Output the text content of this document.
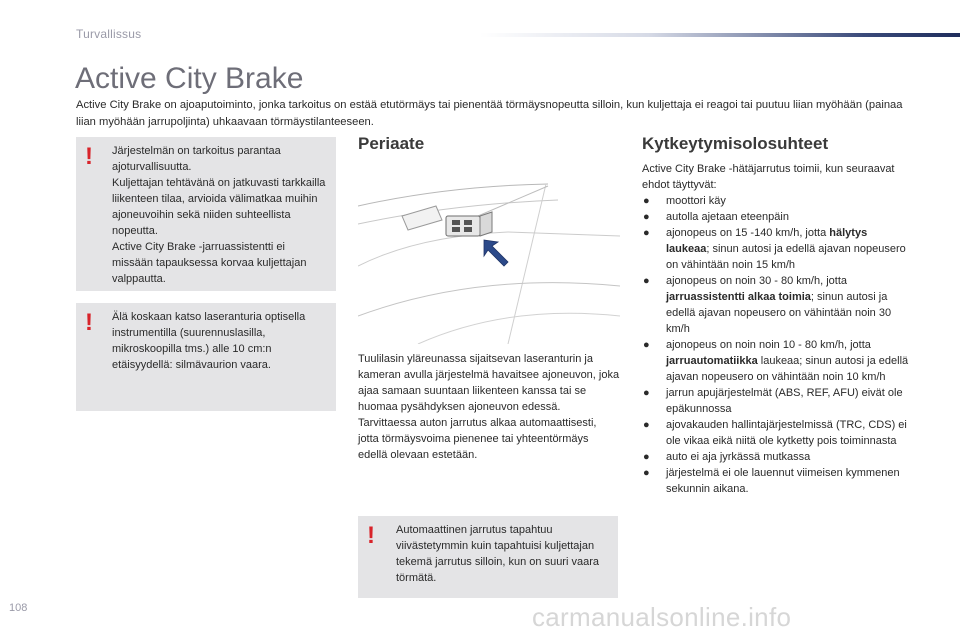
Turvallissus
Active City Brake

Active City Brake on ajoaputoiminto, jonka tarkoitus on estää etutörmäys tai pienentää törmäysnopeutta silloin, kun kuljettaja ei reagoi tai puutuu liian myöhään (painaa liian myöhään jarrupoljinta) uhkaavaan törmäystilanteeseen.

! Järjestelmän on tarkoitus parantaa ajoturvallisuutta.

Kuljettajan tehtävänä on jatkuvasti tarkkailla liikenteen tilaa, arvioida välimatkaa muihin ajoneuvoihin sekä niiden suhteellista nopeutta.

Active City Brake -jarruassistentti ei missään tapauksessa korvaa kuljettajan valppautta.

! Älä koskaan katso laseranturia optisella instrumentilla (suurennuslasilla, mikroskoopilla tms.) alle 10 cm:n etäisyydellä: silmävaurion vaara.

Periaate

Tuulilasin yläreunassa sijaitsevan laseranturin ja kameran avulla järjestelmä havaitsee ajoneuvon, joka ajaa samaan suuntaan liikenteen kanssa tai se huomaa pysähdyksen ajoneuvon edessä.

Tarvittaessa auton jarrutus alkaa automaattisesti, jotta törmäysvoima pienenee tai yhteentörmäys edellä olevaan estetään.

! Automaattinen jarrutus tapahtuu viivästetymmin kuin tapahtuisi kuljettajan tekemä jarrutus silloin, kun on suuri vaara törmätä.

Kytkeytymisolosuhteet

Active City Brake -hätäjarrutus toimii, kun seuraavat ehdot täyttyvät:

● moottori käy
● autolla ajetaan eteenpäin
● ajonopeus on 15 -140 km/h, jotta hälytys laukeaa; sinun autosi ja edellä ajavan nopeusero on vähintään noin 15 km/h
● ajonopeus on noin 30 - 80 km/h, jotta jarruassistentti alkaa toimia; sinun autosi ja edellä ajavan nopeusero on vähintään noin 30 km/h
● ajonopeus on noin noin 10 - 80 km/h, jotta jarruautomatiikka laukeaa; sinun autosi ja edellä ajavan nopeusero on vähintään noin 10 km/h
● jarrun apujärjestelmät (ABS, REF, AFU) eivät ole epäkunnossa
● ajovakauden hallintajärjestelmissä (TRC, CDS) ei ole vikaa eikä niitä ole kytketty pois toiminnasta
● auto ei aja jyrkässä mutkassa
● järjestelmä ei ole lauennut viimeisen kymmenen sekunnin aikana.
108	carmanualsonline.info
